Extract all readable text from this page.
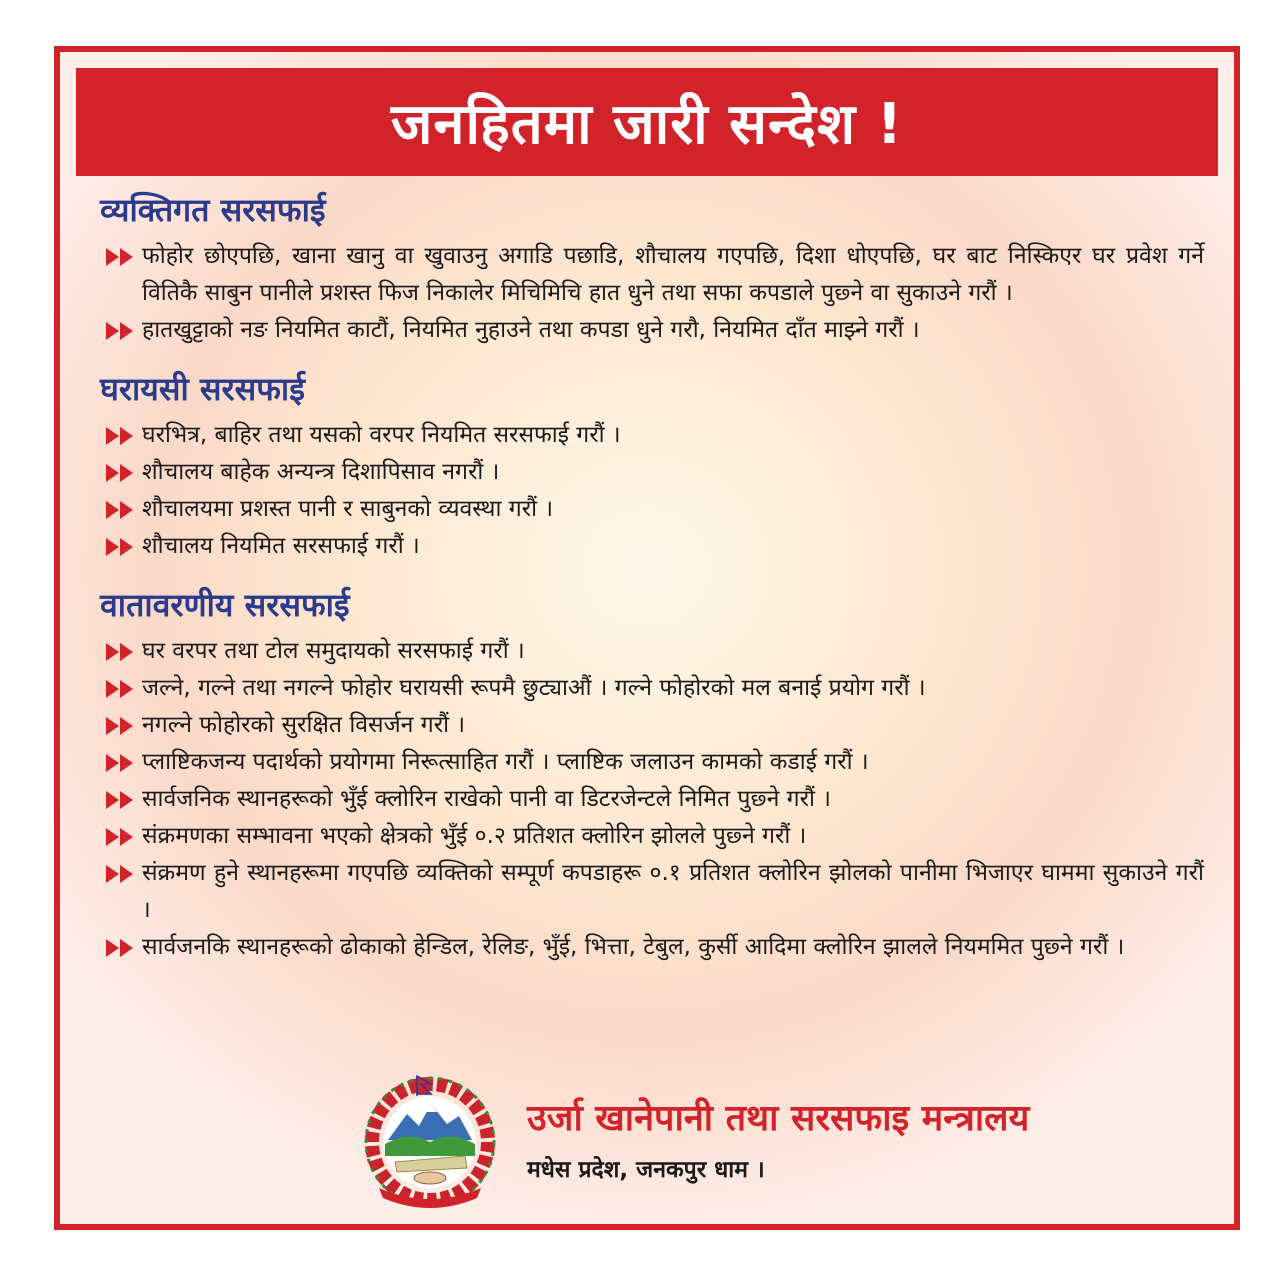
जनहितमा जारी सन्देश !
व्यक्तिगत सरसफाई
फोहोर छोएपछि, खाना खानु वा खुवाउनु अगाडि पछाडि, शौचालय गएपछि, दिशा धोएपछि, घर बाट निस्किएर घर प्रवेश गर्ने वितिकै साबुन पानीले प्रशस्त फिज निकालेर मिचिमिचि हात धुने तथा सफा कपडाले पुछ्ने वा सुकाउने गरौं ।
हातखुट्टाको नङ नियमित काटौं, नियमित नुहाउने तथा कपडा धुने गरौ, नियमित दाँत माझ्ने गरौं ।
घरायसी सरसफाई
घरभित्र, बाहिर तथा यसको वरपर नियमित सरसफाई गरौं ।
शौचालय बाहेक अन्यन्त्र दिशापिसाव नगरौं ।
शौचालयमा प्रशस्त पानी र साबुनको व्यवस्था गरौं ।
शौचालय नियमित सरसफाई गरौं ।
वातावरणीय सरसफाई
घर वरपर तथा टोल समुदायको सरसफाई गरौं ।
जल्ने, गल्ने तथा नगल्ने फोहोर घरायसी रूपमै छुट्याऔं । गल्ने फोहोरको मल बनाई प्रयोग गरौं ।
नगल्ने फोहोरको सुरक्षित विसर्जन गरौं ।
प्लाष्टिकजन्य पदार्थको प्रयोगमा निरूत्साहित गरौं । प्लाष्टिक जलाउन कामको कडाई गरौं ।
सार्वजनिक स्थानहरूको भुँई क्लोरिन राखेको पानी वा डिटरजेन्टले निमित पुछ्ने गरौं ।
संक्रमणका सम्भावना भएको क्षेत्रको भुँई ०.२ प्रतिशत क्लोरिन झोलले पुछ्ने गरौं ।
संक्रमण हुने स्थानहरूमा गएपछि व्यक्तिको सम्पूर्ण कपडाहरू ०.१ प्रतिशत क्लोरिन झोलको पानीमा भिजाएर घाममा सुकाउने गरौं ।
सार्वजनकि स्थानहरूको ढोकाको हेन्डिल, रेलिङ, भुँई, भित्ता, टेबुल, कुर्सी आदिमा क्लोरिन झालले नियममित पुछ्ने गरौं ।
उर्जा खानेपानी तथा सरसफाइ मन्त्रालय
मधेस प्रदेश, जनकपुर धाम ।
